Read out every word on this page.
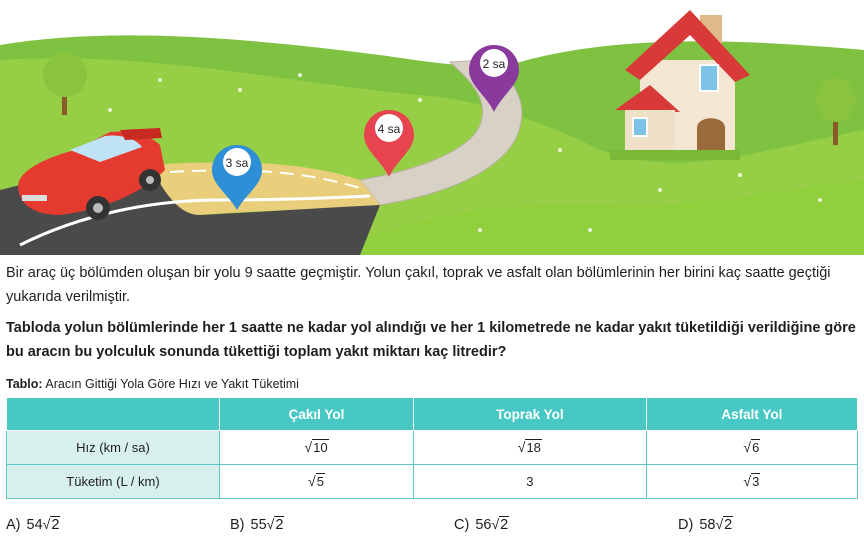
3 sa
4 sa
2 sa

Bir araç üç bölümden oluşan bir yolu 9 saatte geçmiştir. Yolun çakıl, toprak ve asfalt olan bölümlerinin her birini kaç saatte geçtiği yukarıda verilmiştir.

Tabloda yolun bölümlerinde her 1 saatte ne kadar yol alındığı ve her 1 kilometrede ne kadar yakıt tüketildiği verildiğine göre bu aracın bu yolculuk sonunda tükettiği toplam yakıt miktarı kaç litredir?

Tablo: Aracın Gittiği Yola Göre Hızı ve Yakıt Tüketimi
	Çakıl Yol	Toprak Yol	Asfalt Yol
Hız (km / sa)	√ 10	√ 18	√ 6

Tüketim (L / km)	√ 5	3	√ 3
A) 54 √ 2	B) 55 √ 2	C) 56 √ 2	D) 58 √ 2
